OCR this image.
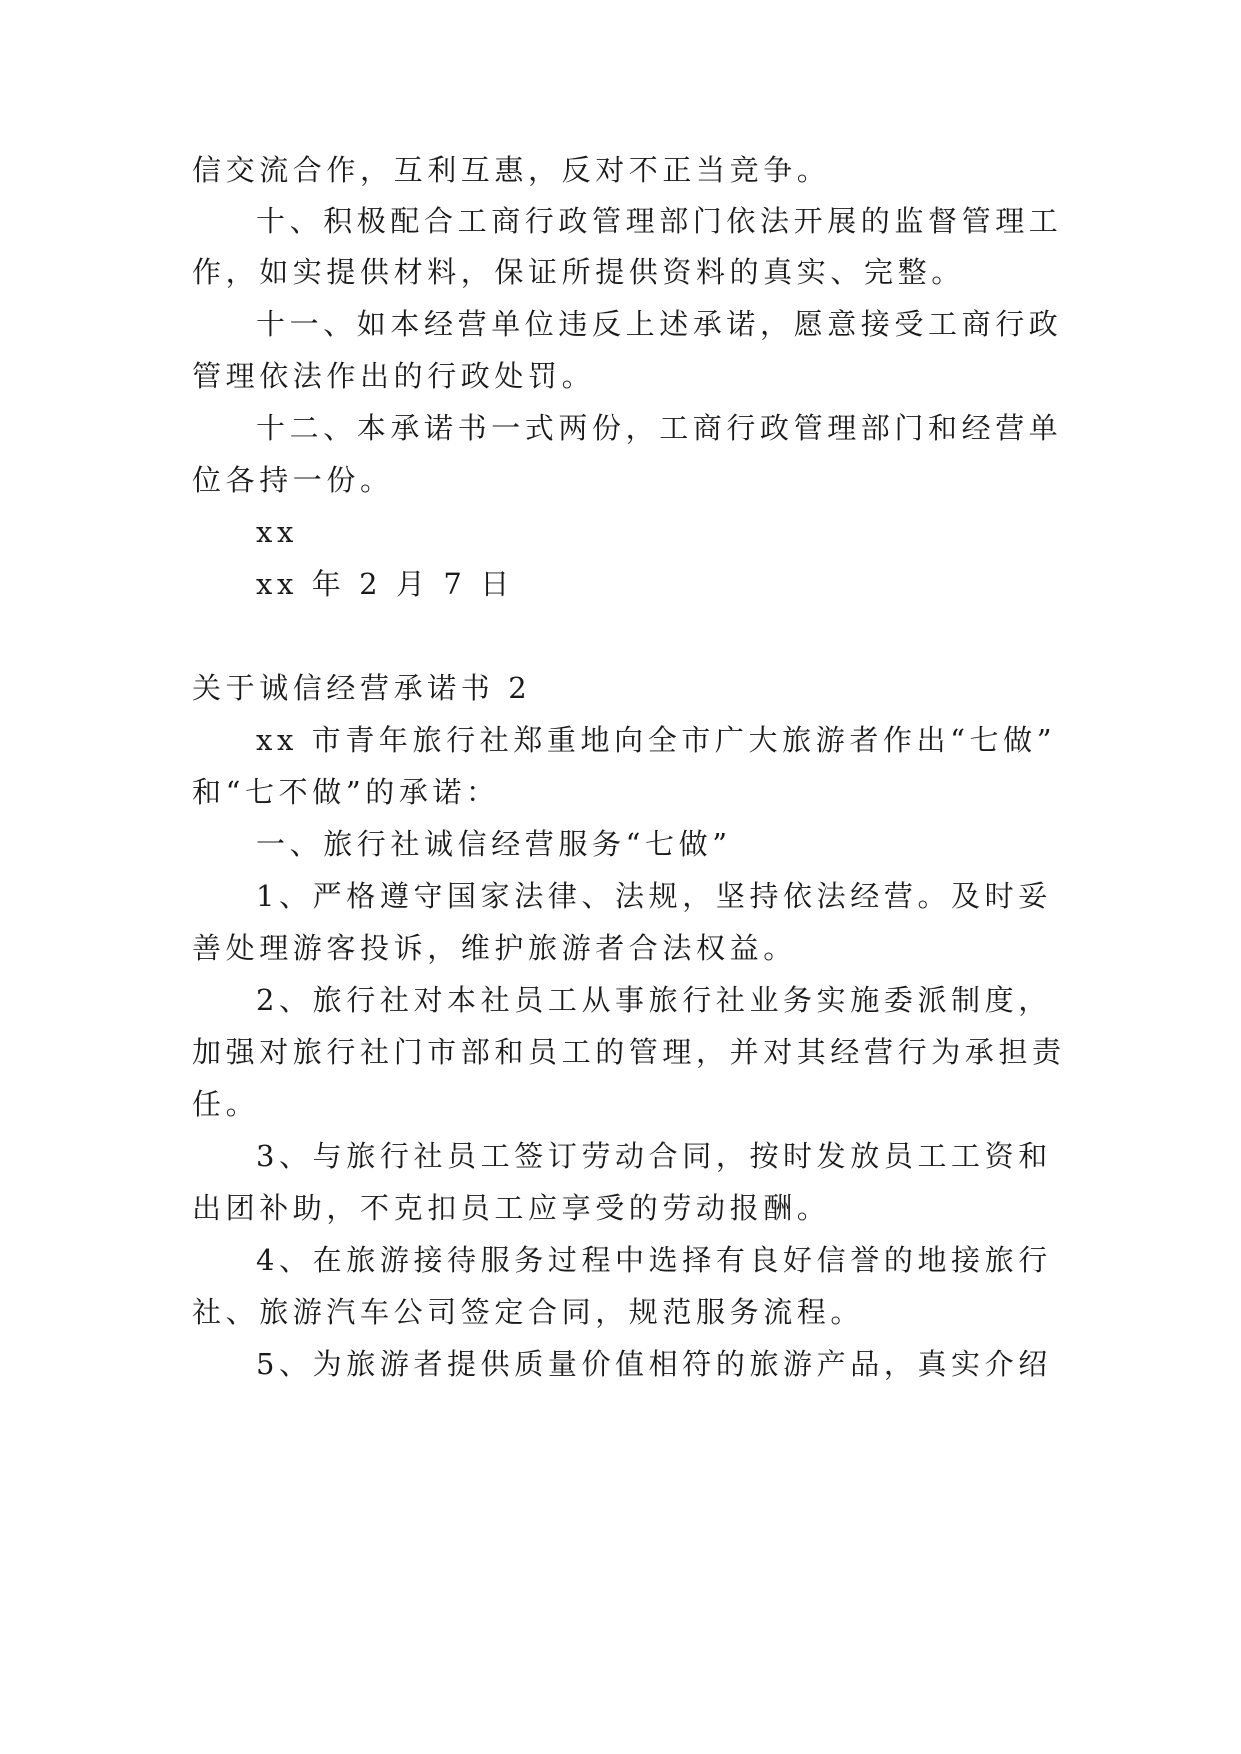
信交流合作，互利互惠，反对不正当竞争。
十、积极配合工商行政管理部门依法开展的监督管理工
作，如实提供材料，保证所提供资料的真实、完整。
十一、如本经营单位违反上述承诺，愿意接受工商行政
管理依法作出的行政处罚。
十二、本承诺书一式两份，工商行政管理部门和经营单
位各持一份。
xx
xx 年 2 月 7 日
关于诚信经营承诺书 2
xx 市青年旅行社郑重地向全市广大旅游者作出“七做”
和“七不做”的承诺：
一、旅行社诚信经营服务“七做”
1、严格遵守国家法律、法规，坚持依法经营。及时妥
善处理游客投诉，维护旅游者合法权益。
2、旅行社对本社员工从事旅行社业务实施委派制度，
加强对旅行社门市部和员工的管理，并对其经营行为承担责
任。
3、与旅行社员工签订劳动合同，按时发放员工工资和
出团补助，不克扣员工应享受的劳动报酬。
4、在旅游接待服务过程中选择有良好信誉的地接旅行
社、旅游汽车公司签定合同，规范服务流程。
5、为旅游者提供质量价值相符的旅游产品，真实介绍
